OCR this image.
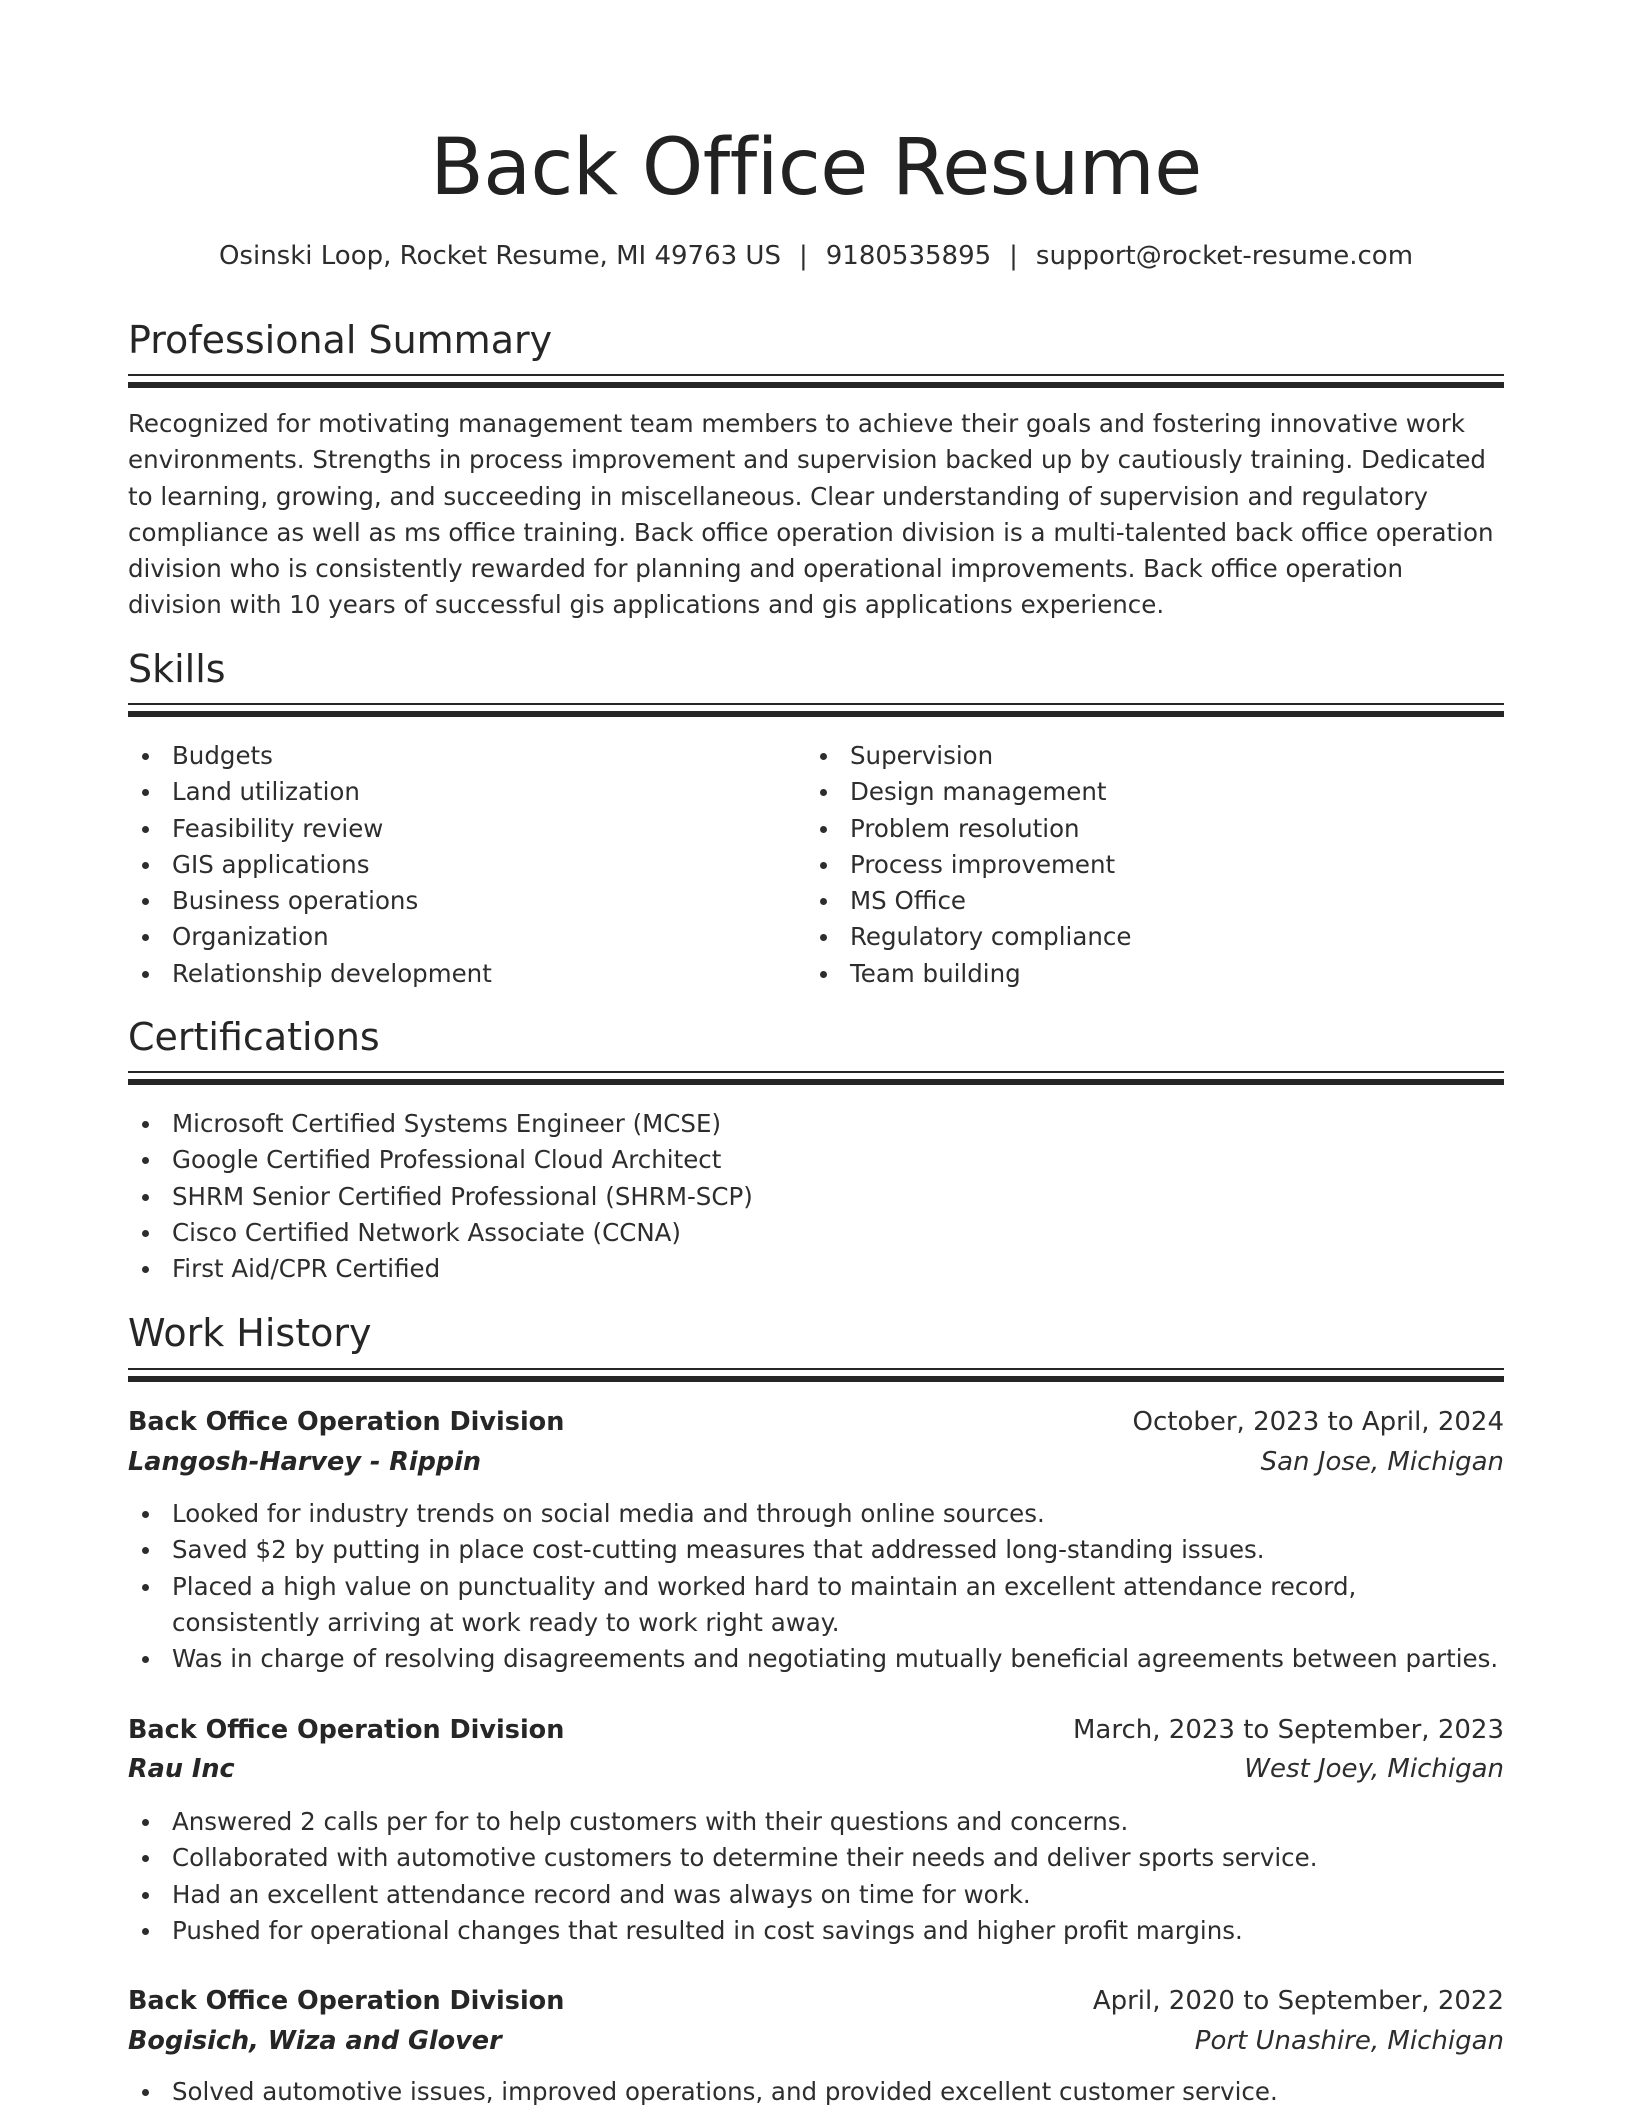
Back Office Resume
Osinski Loop, Rocket Resume, MI 49763 US | 9180535895 | support@rocket-resume.com
Professional Summary

Recognized for motivating management team members to achieve their goals and fostering innovative work environments. Strengths in process improvement and supervision backed up by cautiously training. Dedicated to learning, growing, and succeeding in miscellaneous. Clear understanding of supervision and regulatory compliance as well as ms office training. Back office operation division is a multi-talented back office operation division who is consistently rewarded for planning and operational improvements. Back office operation division with 10 years of successful gis applications and gis applications experience.

Skills
Budgets
Land utilization
Feasibility review
GIS applications
Business operations
Organization
Relationship development
Supervision
Design management
Problem resolution
Process improvement
MS Office
Regulatory compliance
Team building
Certifications
Microsoft Certified Systems Engineer (MCSE)
Google Certified Professional Cloud Architect
SHRM Senior Certified Professional (SHRM-SCP)
Cisco Certified Network Associate (CCNA)
First Aid/CPR Certified
Work History
Back Office Operation Division	October, 2023 to April, 2024
Langosh-Harvey - Rippin	San Jose, Michigan
Looked for industry trends on social media and through online sources.
Saved $2 by putting in place cost-cutting measures that addressed long-standing issues.
Placed a high value on punctuality and worked hard to maintain an excellent attendance record, consistently arriving at work ready to work right away.
Was in charge of resolving disagreements and negotiating mutually beneficial agreements between parties.
Back Office Operation Division	March, 2023 to September, 2023
Rau Inc	West Joey, Michigan
Answered 2 calls per for to help customers with their questions and concerns.
Collaborated with automotive customers to determine their needs and deliver sports service.
Had an excellent attendance record and was always on time for work.
Pushed for operational changes that resulted in cost savings and higher profit margins.
Back Office Operation Division	April, 2020 to September, 2022
Bogisich, Wiza and Glover	Port Unashire, Michigan
Solved automotive issues, improved operations, and provided excellent customer service.
